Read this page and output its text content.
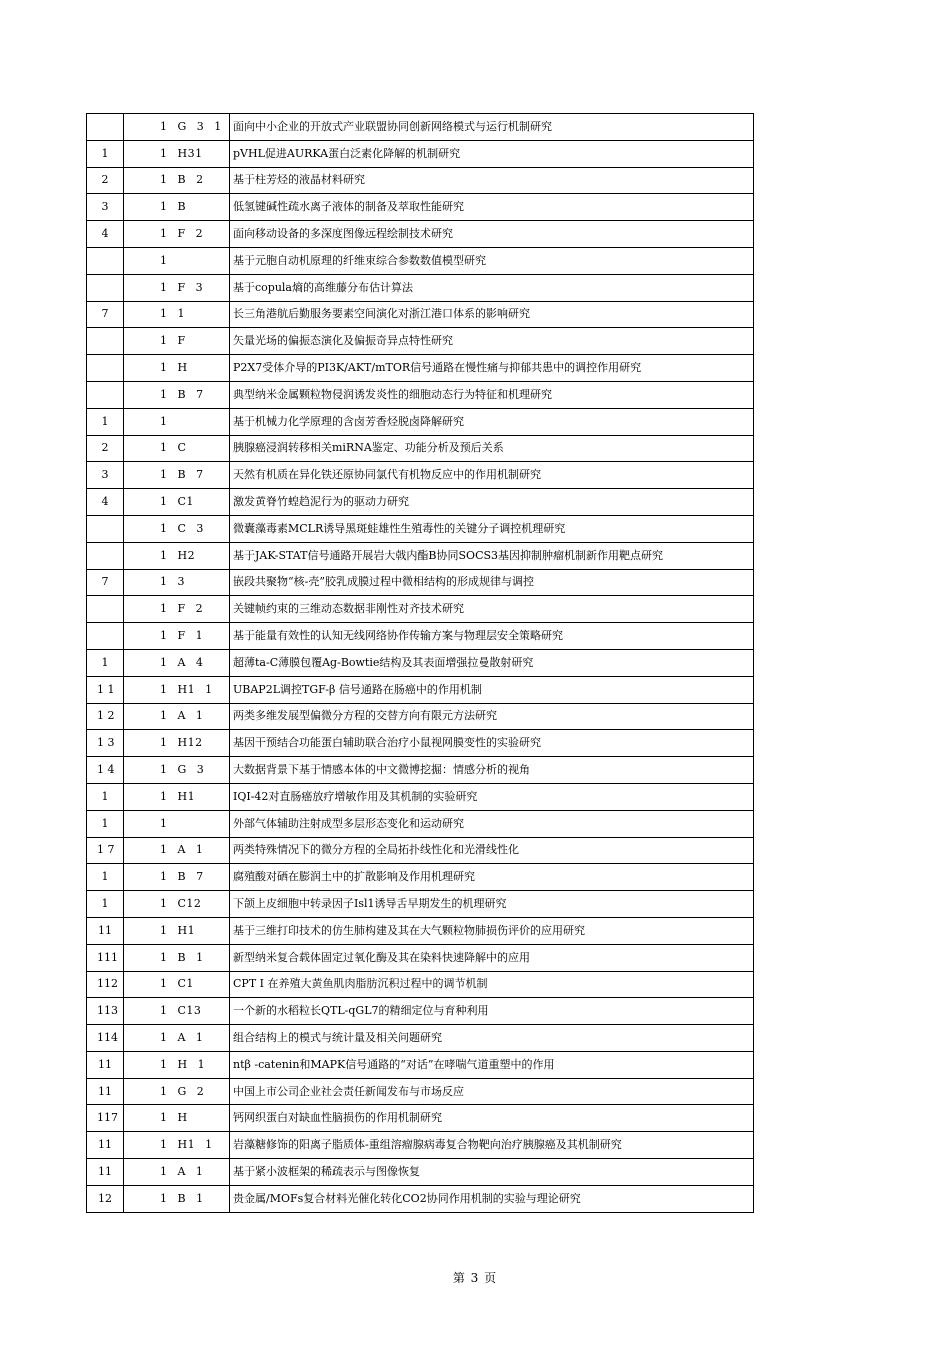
	1 G 3 1	面向中小企业的开放式产业联盟协同创新网络模式与运行机制研究

1	1 H31	pVHL促进AURKA蛋白泛素化降解的机制研究

2	1 B 2	基于柱芳烃的液晶材料研究

3	1 B	低氢键碱性疏水离子液体的制备及萃取性能研究

4	1 F 2	面向移动设备的多深度图像远程绘制技术研究

	1	基于元胞自动机原理的纤维束综合参数数值模型研究

	1 F 3	基于copula熵的高维藤分布估计算法

7	1 1	长三角港航后勤服务要素空间演化对浙江港口体系的影响研究

	1 F	矢量光场的偏振态演化及偏振奇异点特性研究

	1 H	P2X7受体介导的PI3K/AKT/mTOR信号通路在慢性痛与抑郁共患中的调控作用研究

	1 B 7	典型纳米金属颗粒物侵润诱发炎性的细胞动态行为特征和机理研究

1	1	基于机械力化学原理的含卤芳香烃脱卤降解研究

2	1 C	胰腺癌浸润转移相关miRNA鉴定、功能分析及预后关系

3	1 B 7	天然有机质在异化铁还原协同氯代有机物反应中的作用机制研究

4	1 C1	激发黄脊竹蝗趋泥行为的驱动力研究

	1 C 3	微囊藻毒素MCLR诱导黑斑蛙雄性生殖毒性的关键分子调控机理研究

	1 H2	基于JAK-STAT信号通路开展岩大戟内酯B协同SOCS3基因抑制肿瘤机制新作用靶点研究

7	1 3	嵌段共聚物“核-壳”胶乳成膜过程中微相结构的形成规律与调控

	1 F 2	关键帧约束的三维动态数据非刚性对齐技术研究

	1 F 1	基于能量有效性的认知无线网络协作传输方案与物理层安全策略研究

1	1 A 4	超薄ta-C薄膜包覆Ag-Bowtie结构及其表面增强拉曼散射研究

1 1	1 H1 1	UBAP2L调控TGF-β 信号通路在肠癌中的作用机制

1 2	1 A 1	两类多维发展型偏微分方程的交替方向有限元方法研究

1 3	1 H12	基因干预结合功能蛋白辅助联合治疗小鼠视网膜变性的实验研究

1 4	1 G 3	大数据背景下基于情感本体的中文微博挖掘：情感分析的视角

1	1 H1	IQI-42对直肠癌放疗增敏作用及其机制的实验研究

1	1	外部气体辅助注射成型多层形态变化和运动研究

1 7	1 A 1	两类特殊情况下的微分方程的全局拓扑线性化和光滑线性化

1	1 B 7	腐殖酸对硒在膨润土中的扩散影响及作用机理研究

1	1 C12	下颌上皮细胞中转录因子Isl1诱导舌早期发生的机理研究

11	1 H1	基于三维打印技术的仿生肺构建及其在大气颗粒物肺损伤评价的应用研究

111	1 B 1	新型纳米复合载体固定过氧化酶及其在染料快速降解中的应用

112	1 C1	CPT I 在养殖大黄鱼肌肉脂肪沉积过程中的调节机制

113	1 C13	一个新的水稻粒长QTL-qGL7的精细定位与育种利用

114	1 A 1	组合结构上的模式与统计量及相关问题研究

11	1 H 1	ntβ -catenin和MAPK信号通路的“对话”在哮喘气道重塑中的作用

11	1 G 2	中国上市公司企业社会责任新闻发布与市场反应

117	1 H	钙网织蛋白对缺血性脑损伤的作用机制研究

11	1 H1 1	岩藻糖修饰的阳离子脂质体-重组溶瘤腺病毒复合物靶向治疗胰腺癌及其机制研究

11	1 A 1	基于紧小波框架的稀疏表示与图像恢复

12	1 B 1	贵金属/MOFs复合材料光催化转化CO2协同作用机制的实验与理论研究
第 3 页
